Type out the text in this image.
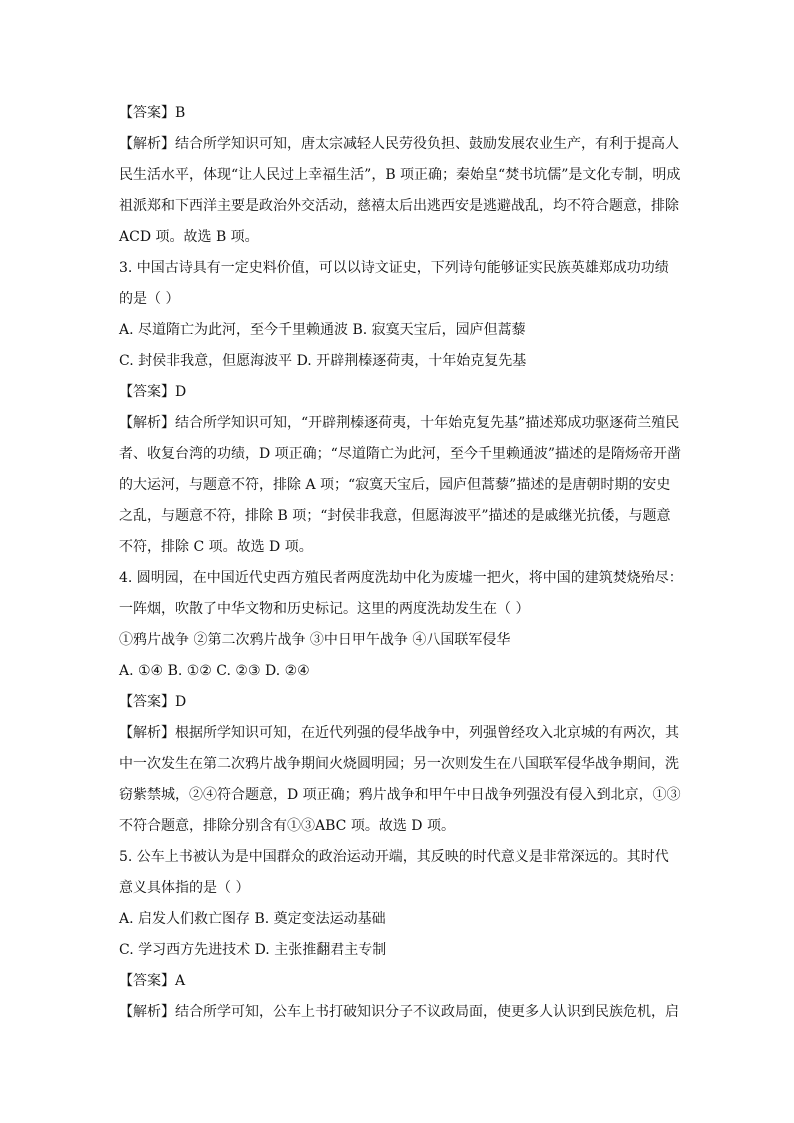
【答案】B
【解析】结合所学知识可知，唐太宗减轻人民劳役负担、鼓励发展农业生产，有利于提高人
民生活水平，体现“让人民过上幸福生活”，B 项正确；秦始皇“焚书坑儒”是文化专制，明成
祖派郑和下西洋主要是政治外交活动，慈禧太后出逃西安是逃避战乱，均不符合题意，排除
ACD 项。故选 B 项。
3. 中国古诗具有一定史料价值，可以以诗文证史，下列诗句能够证实民族英雄郑成功功绩
的是（ ）
A. 尽道隋亡为此河，至今千里赖通波 B. 寂寞天宝后，园庐但蒿藜
C. 封侯非我意，但愿海波平 D. 开辟荆榛逐荷夷，十年始克复先基
【答案】D
【解析】结合所学知识可知，“开辟荆榛逐荷夷，十年始克复先基”描述郑成功驱逐荷兰殖民
者、收复台湾的功绩，D 项正确；“尽道隋亡为此河，至今千里赖通波”描述的是隋炀帝开凿
的大运河，与题意不符，排除 A 项；“寂寞天宝后，园庐但蒿藜”描述的是唐朝时期的安史
之乱，与题意不符，排除 B 项；“封侯非我意，但愿海波平”描述的是戚继光抗倭，与题意
不符，排除 C 项。故选 D 项。
4. 圆明园，在中国近代史西方殖民者两度洗劫中化为废墟一把火，将中国的建筑焚烧殆尽：
一阵烟，吹散了中华文物和历史标记。这里的两度洗劫发生在（ ）
①鸦片战争 ②第二次鸦片战争 ③中日甲午战争 ④八国联军侵华
A. ①④ B. ①② C. ②③ D. ②④
【答案】D
【解析】根据所学知识可知，在近代列强的侵华战争中，列强曾经攻入北京城的有两次，其
中一次发生在第二次鸦片战争期间火烧圆明园；另一次则发生在八国联军侵华战争期间，洗
窃紫禁城，②④符合题意，D 项正确；鸦片战争和甲午中日战争列强没有侵入到北京，①③
不符合题意，排除分别含有①③ABC 项。故选 D 项。
5. 公车上书被认为是中国群众的政治运动开端，其反映的时代意义是非常深远的。其时代
意义具体指的是（ ）
A. 启发人们救亡图存 B. 奠定变法运动基础
C. 学习西方先进技术 D. 主张推翻君主专制
【答案】A
【解析】结合所学可知，公车上书打破知识分子不议政局面，使更多人认识到民族危机，启
